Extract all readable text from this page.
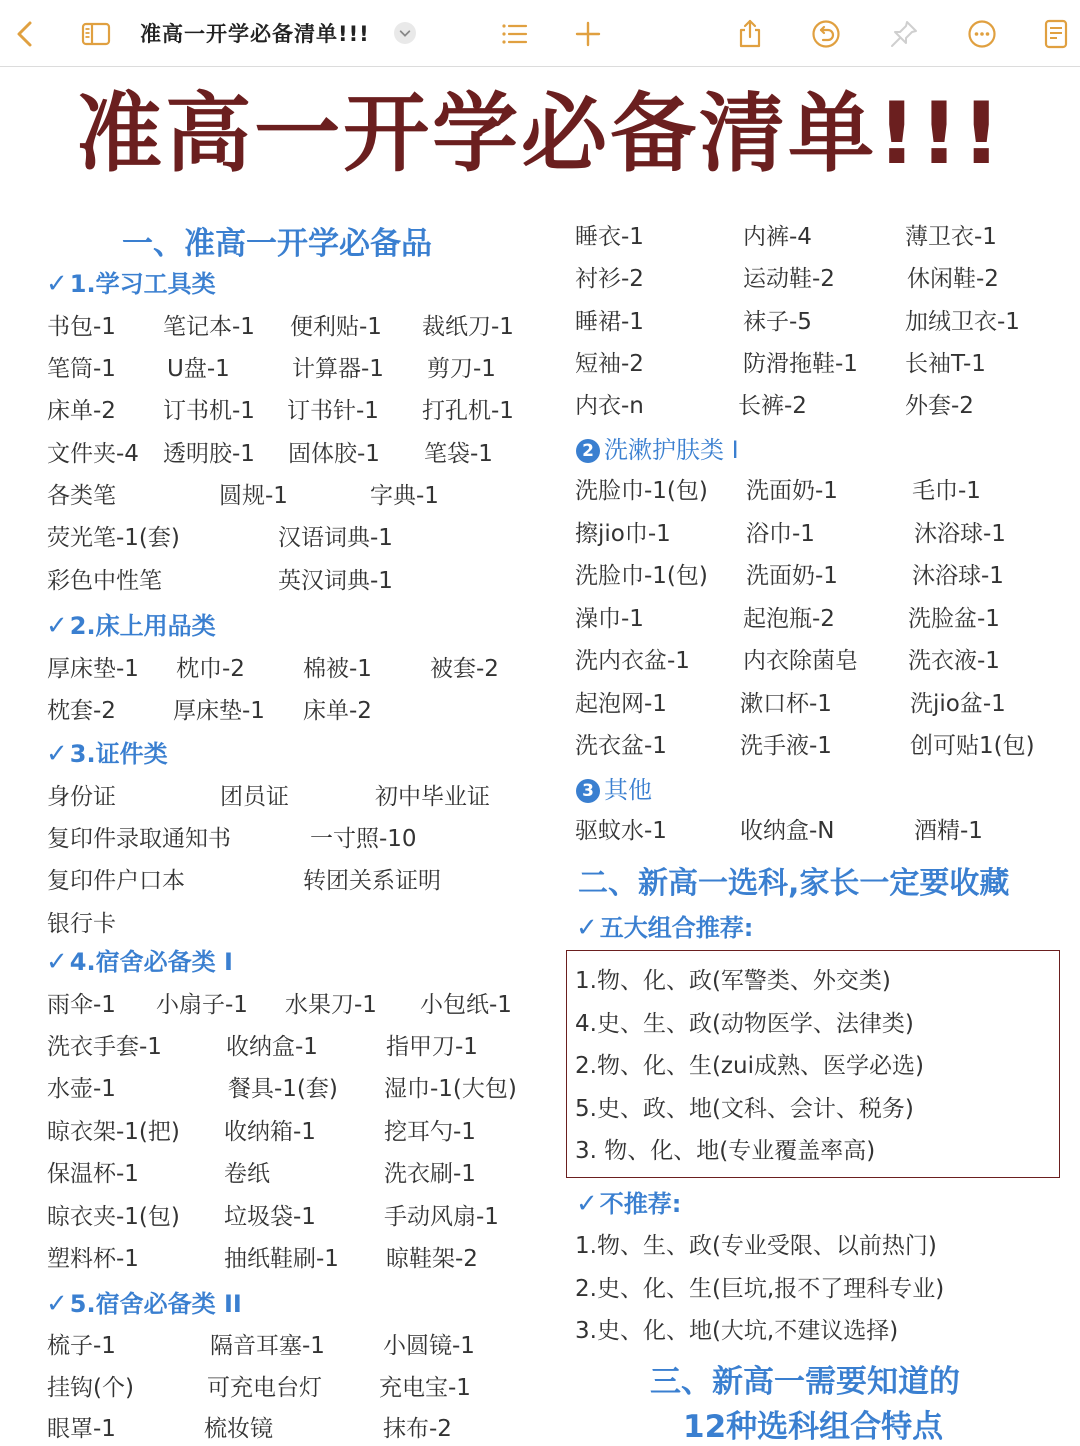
准高一开学必备清单!!!
准高一开学必备清单!!!
一、准高一开学必备品
✓1.学习工具类
书包-1 笔记本-1 便利贴-1 裁纸刀-1
笔筒-1 U盘-1	计算器-1 剪刀-1
床单-2 订书机-1 订书针-1 打孔机-1
文件夹-4 透明胶-1 固体胶-1 笔袋-1
各类笔	圆规-1	字典-1
荧光笔-1(套)	汉语词典-1
彩色中性笔	英汉词典-1
✓2.床上用品类
厚床垫-1 枕巾-2	棉被-1	被套-2
枕套-2 厚床垫-1 床单-2
✓3.证件类
身份证	团员证	初中毕业证
复印件录取通知书	一寸照-10
复印件户口本	转团关系证明
银行卡
✓4.宿舍必备类 I
雨伞-1 小扇子-1 水果刀-1 小包纸-1
洗衣手套-1	收纳盒-1	指甲刀-1
水壶-1	餐具-1(套) 湿巾-1(大包)
晾衣架-1(把) 收纳箱-1	挖耳勺-1
保温杯-1	卷纸	洗衣刷-1
晾衣夹-1(包) 垃圾袋-1	手动风扇-1
塑料杯-1	抽纸鞋刷-1 晾鞋架-2
✓5.宿舍必备类 II
梳子-1	隔音耳塞-1	小圆镜-1
挂钩(个)	可充电台灯 充电宝-1
眼罩-1	梳妆镜	抹布-2
睡衣-1	内裤-4	薄卫衣-1
衬衫-2	运动鞋-2	休闲鞋-2
睡裙-1	袜子-5	加绒卫衣-1
短袖-2	防滑拖鞋-1 长袖T-1
内衣-n	长裤-2	外套-2
2 洗漱护肤类 I
洗脸巾-1(包) 洗面奶-1	毛巾-1
擦jio巾-1	浴巾-1	沐浴球-1
洗脸巾-1(包) 洗面奶-1	沐浴球-1
澡巾-1	起泡瓶-2	洗脸盆-1
洗内衣盆-1 内衣除菌皂 洗衣液-1
起泡网-1	漱口杯-1	洗jio盆-1
洗衣盆-1	洗手液-1	创可贴1(包)
3 其他
驱蚊水-1	收纳盒-N	酒精-1
二、新高一选科,家长一定要收藏
✓五大组合推荐:
1.物、化、政(军警类、外交类)
4.史、生、政(动物医学、法律类)
2.物、化、生(zui成熟、医学必选)
5.史、政、地(文科、会计、税务)
3. 物、化、地(专业覆盖率高)
✓不推荐:
1.物、生、政(专业受限、以前热门)
2.史、化、生(巨坑,报不了理科专业)
3.史、化、地(大坑,不建议选择)
三、新高一需要知道的
12种选科组合特点
